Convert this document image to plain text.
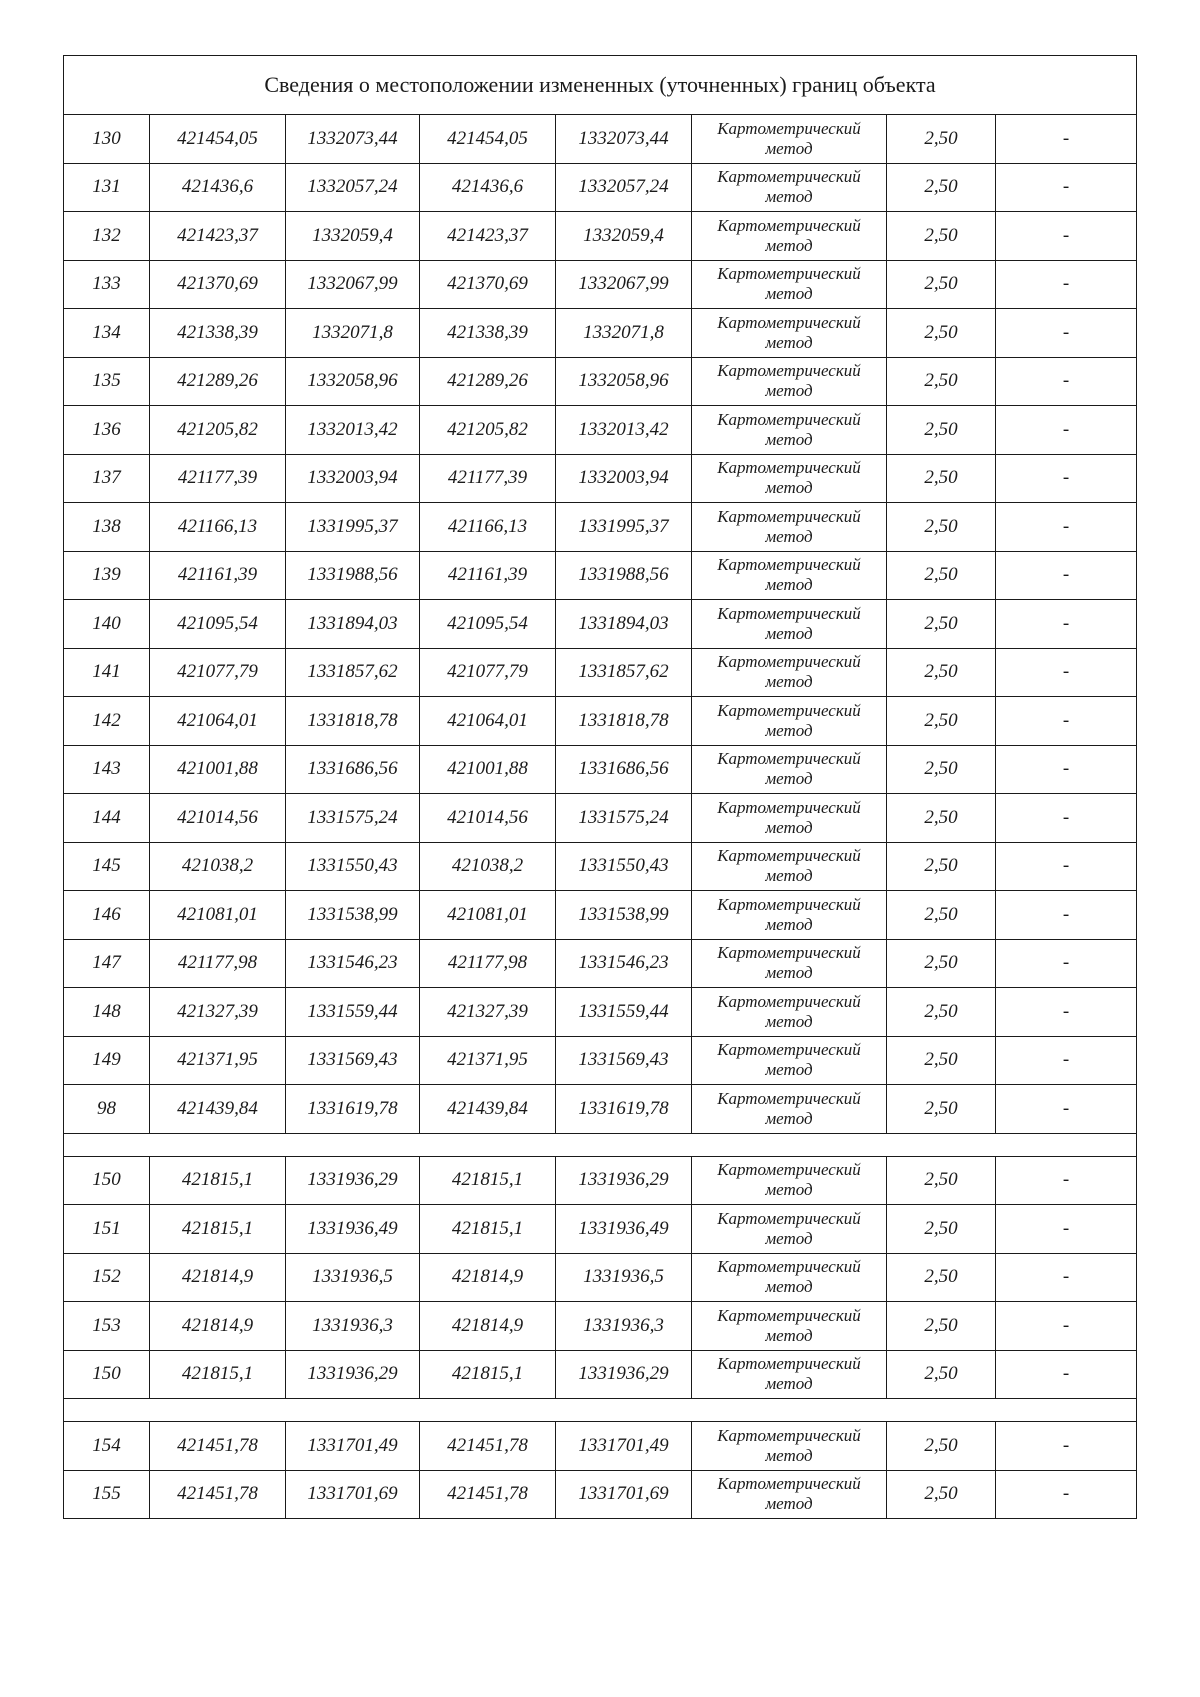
Сведения о местоположении измененных (уточненных) границ объекта							
130	421454,05	1332073,44	421454,05	1332073,44	Картометрический метод	2,50	-
131	421436,6	1332057,24	421436,6	1332057,24	Картометрический метод	2,50	-
132	421423,37	1332059,4	421423,37	1332059,4	Картометрический метод	2,50	-
133	421370,69	1332067,99	421370,69	1332067,99	Картометрический метод	2,50	-
134	421338,39	1332071,8	421338,39	1332071,8	Картометрический метод	2,50	-
135	421289,26	1332058,96	421289,26	1332058,96	Картометрический метод	2,50	-
136	421205,82	1332013,42	421205,82	1332013,42	Картометрический метод	2,50	-
137	421177,39	1332003,94	421177,39	1332003,94	Картометрический метод	2,50	-
138	421166,13	1331995,37	421166,13	1331995,37	Картометрический метод	2,50	-
139	421161,39	1331988,56	421161,39	1331988,56	Картометрический метод	2,50	-
140	421095,54	1331894,03	421095,54	1331894,03	Картометрический метод	2,50	-
141	421077,79	1331857,62	421077,79	1331857,62	Картометрический метод	2,50	-
142	421064,01	1331818,78	421064,01	1331818,78	Картометрический метод	2,50	-
143	421001,88	1331686,56	421001,88	1331686,56	Картометрический метод	2,50	-
144	421014,56	1331575,24	421014,56	1331575,24	Картометрический метод	2,50	-
145	421038,2	1331550,43	421038,2	1331550,43	Картометрический метод	2,50	-
146	421081,01	1331538,99	421081,01	1331538,99	Картометрический метод	2,50	-
147	421177,98	1331546,23	421177,98	1331546,23	Картометрический метод	2,50	-
148	421327,39	1331559,44	421327,39	1331559,44	Картометрический метод	2,50	-
149	421371,95	1331569,43	421371,95	1331569,43	Картометрический метод	2,50	-
98	421439,84	1331619,78	421439,84	1331619,78	Картометрический метод	2,50	-

150	421815,1	1331936,29	421815,1	1331936,29	Картометрический метод	2,50	-
151	421815,1	1331936,49	421815,1	1331936,49	Картометрический метод	2,50	-
152	421814,9	1331936,5	421814,9	1331936,5	Картометрический метод	2,50	-
153	421814,9	1331936,3	421814,9	1331936,3	Картометрический метод	2,50	-
150	421815,1	1331936,29	421815,1	1331936,29	Картометрический метод	2,50	-

154	421451,78	1331701,49	421451,78	1331701,49	Картометрический метод	2,50	-
155	421451,78	1331701,69	421451,78	1331701,69	Картометрический метод	2,50	-
